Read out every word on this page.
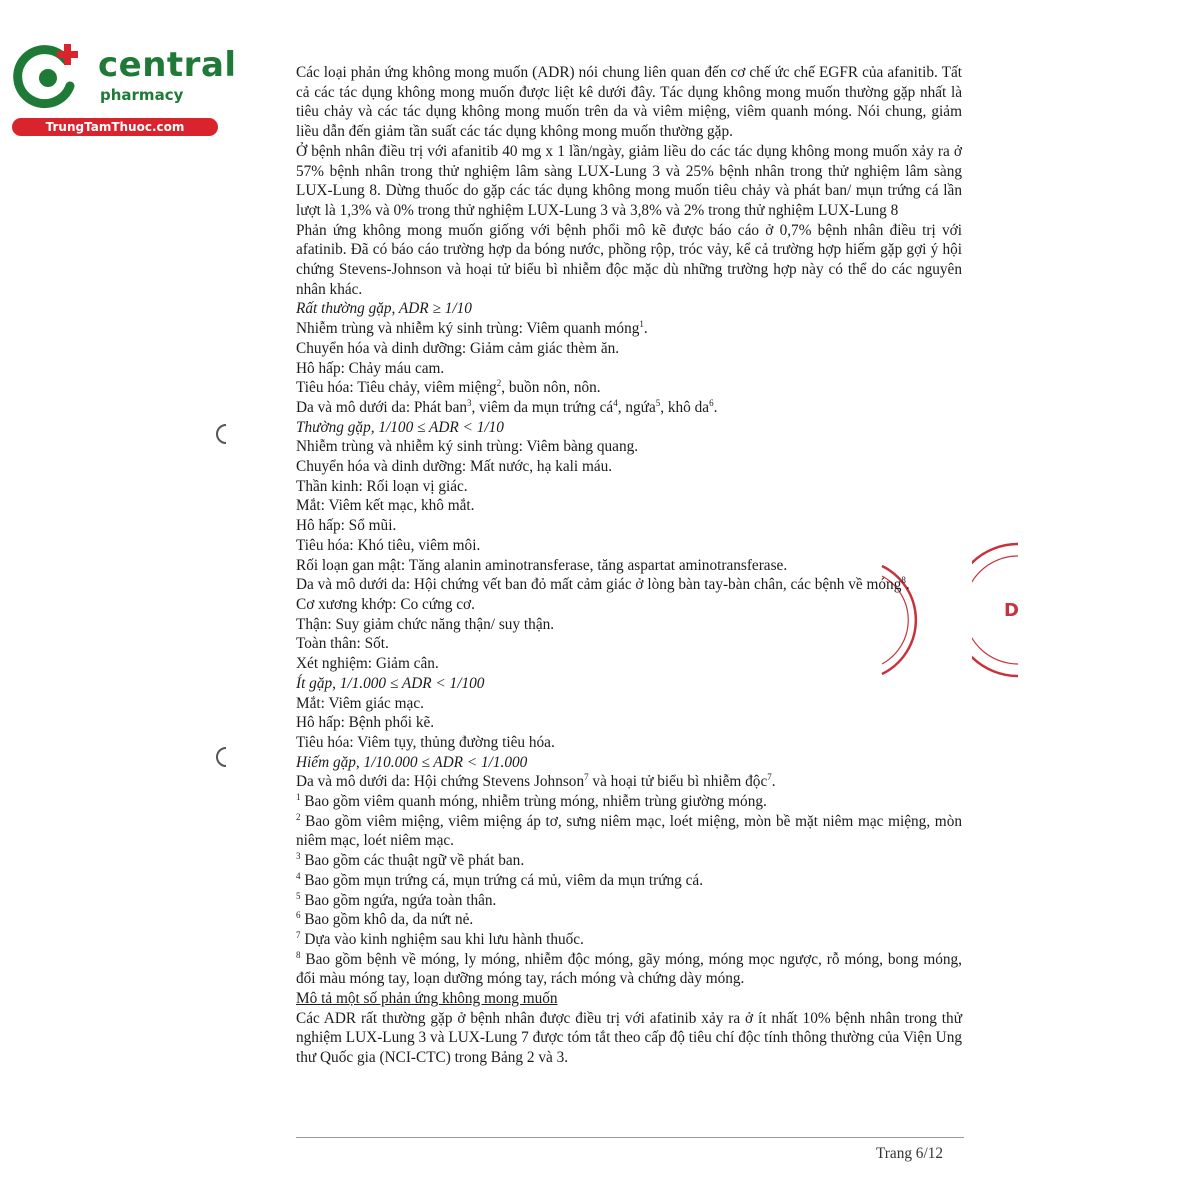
central
pharmacy
TrungTamThuoc.com
D

Các loại phản ứng không mong muốn (ADR) nói chung liên quan đến cơ chế ức chế EGFR của afanitib. Tất cả các tác dụng không mong muốn được liệt kê dưới đây. Tác dụng không mong muốn thường gặp nhất là tiêu chảy và các tác dụng không mong muốn trên da và viêm miệng, viêm quanh móng. Nói chung, giảm liều dẫn đến giảm tần suất các tác dụng không mong muốn thường gặp.

Ở bệnh nhân điều trị với afanitib 40 mg x 1 lần/ngày, giảm liều do các tác dụng không mong muốn xảy ra ở 57% bệnh nhân trong thử nghiệm lâm sàng LUX-Lung 3 và 25% bệnh nhân trong thử nghiệm lâm sàng LUX-Lung 8. Dừng thuốc do gặp các tác dụng không mong muốn tiêu chảy và phát ban/ mụn trứng cá lần lượt là 1,3% và 0% trong thử nghiệm LUX-Lung 3 và 3,8% và 2% trong thử nghiệm LUX-Lung 8

Phản ứng không mong muốn giống với bệnh phổi mô kẽ được báo cáo ở 0,7% bệnh nhân điều trị với afatinib. Đã có báo cáo trường hợp da bóng nước, phồng rộp, tróc vảy, kể cả trường hợp hiếm gặp gợi ý hội chứng Stevens-Johnson và hoại tử biểu bì nhiễm độc mặc dù những trường hợp này có thể do các nguyên nhân khác.

Rất thường gặp, ADR ≥ 1/10

Nhiễm trùng và nhiễm ký sinh trùng: Viêm quanh móng$^1$.

Chuyển hóa và dinh dưỡng: Giảm cảm giác thèm ăn.

Hô hấp: Chảy máu cam.

Tiêu hóa: Tiêu chảy, viêm miệng$^2$, buồn nôn, nôn.

Da và mô dưới da: Phát ban$^3$, viêm da mụn trứng $cá^4$, ngứa$^5$, khô $da^6$.

Thường gặp, 1/100 ≤ ADR < 1/10

Nhiễm trùng và nhiễm ký sinh trùng: Viêm bàng quang.

Chuyển hóa và dinh dưỡng: Mất nước, hạ kali máu.

Thần kinh: Rối loạn vị giác.

Mắt: Viêm kết mạc, khô mắt.

Hô hấp: Sổ mũi.

Tiêu hóa: Khó tiêu, viêm môi.

Rối loạn gan mật: Tăng alanin aminotransferase, tăng aspartat aminotransferase.

Da và mô dưới da: Hội chứng vết ban đỏ mất cảm giác ở lòng bàn tay-bàn chân, các bệnh về móng$^8$.

Cơ xương khớp: Co cứng cơ.

Thận: Suy giảm chức năng thận/ suy thận.

Toàn thân: Sốt.

Xét nghiệm: Giảm cân.

Ít gặp, 1/1.000 ≤ ADR < 1/100

Mắt: Viêm giác mạc.

Hô hấp: Bệnh phổi kẽ.

Tiêu hóa: Viêm tụy, thủng đường tiêu hóa.

Hiếm gặp, 1/10.000 ≤ ADR < 1/1.000

Da và mô dưới da: Hội chứng Stevens Johnson$^7$ và hoại tử biểu bì nhiễm độc$^7$.

$^1$ Bao gồm viêm quanh móng, nhiễm trùng móng, nhiễm trùng giường móng.

$^2$ Bao gồm viêm miệng, viêm miệng áp tơ, sưng niêm mạc, loét miệng, mòn bề mặt niêm mạc miệng, mòn niêm mạc, loét niêm mạc.

$^3$ Bao gồm các thuật ngữ về phát ban.

$^4$ Bao gồm mụn trứng cá, mụn trứng cá mủ, viêm da mụn trứng cá.

$^5$ Bao gồm ngứa, ngứa toàn thân.

$^6$ Bao gồm khô da, da nứt nẻ.

$^7$ Dựa vào kinh nghiệm sau khi lưu hành thuốc.

$^8$ Bao gồm bệnh về móng, ly móng, nhiễm độc móng, gãy móng, móng mọc ngược, rỗ móng, bong móng, đổi màu móng tay, loạn dưỡng móng tay, rách móng và chứng dày móng.

Mô tả một số phản ứng không mong muốn

Các ADR rất thường gặp ở bệnh nhân được điều trị với afatinib xảy ra ở ít nhất 10% bệnh nhân trong thử nghiệm LUX-Lung 3 và LUX-Lung 7 được tóm tắt theo cấp độ tiêu chí độc tính thông thường của Viện Ung thư Quốc gia (NCI-CTC) trong Bảng 2 và 3.

Trang 6/12
